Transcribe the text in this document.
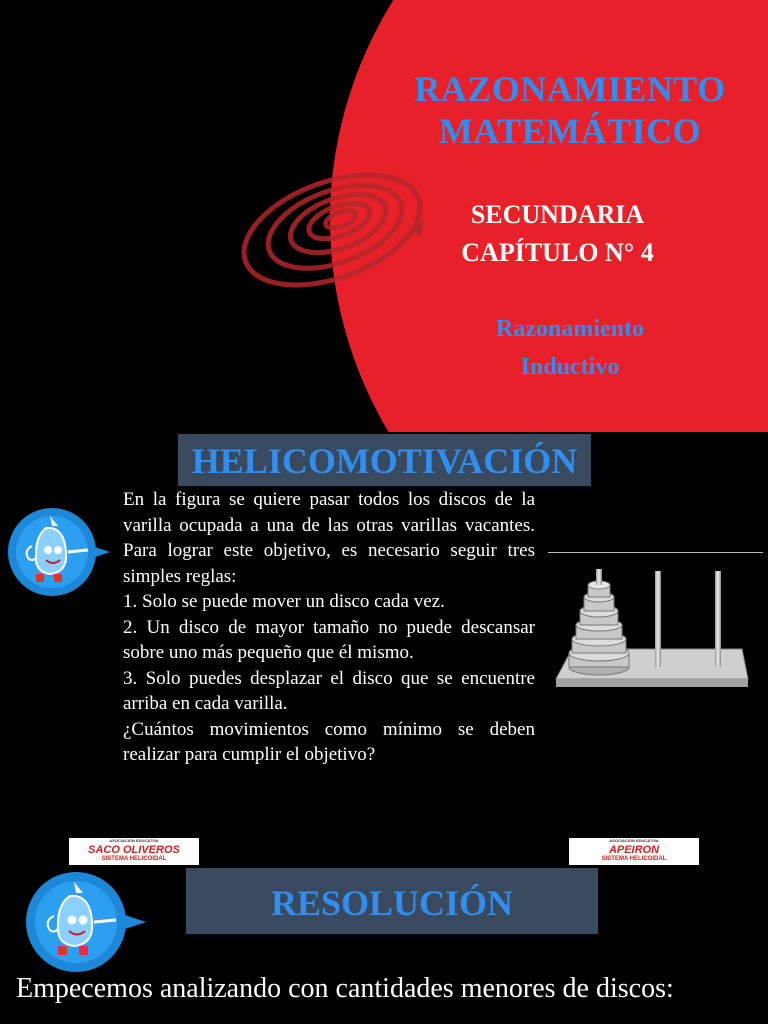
RAZONAMIENTO
MATEMÁTICO
SECUNDARIA
CAPÍTULO N° 4
Razonamiento
Inductivo
HELICOMOTIVACIÓN

En la figura se quiere pasar todos los discos de la varilla ocupada a una de las otras varillas vacantes. Para lograr este objetivo, es necesario seguir tres simples reglas:

1. Solo se puede mover un disco cada vez.

2. Un disco de mayor tamaño no puede descansar sobre uno más pequeño que él mismo.

3. Solo puedes desplazar el disco que se encuentre arriba en cada varilla.

¿Cuántos movimientos como mínimo se deben realizar para cumplir el objetivo?

ASOCIACIÓN EDUCATIVA
SACO OLIVEROS
SISTEMA HELICOIDAL
ASOCIACIÓN EDUCATIVA
APEIRON
SISTEMA HELICOIDAL
RESOLUCIÓN
Empecemos analizando con cantidades menores de discos:
